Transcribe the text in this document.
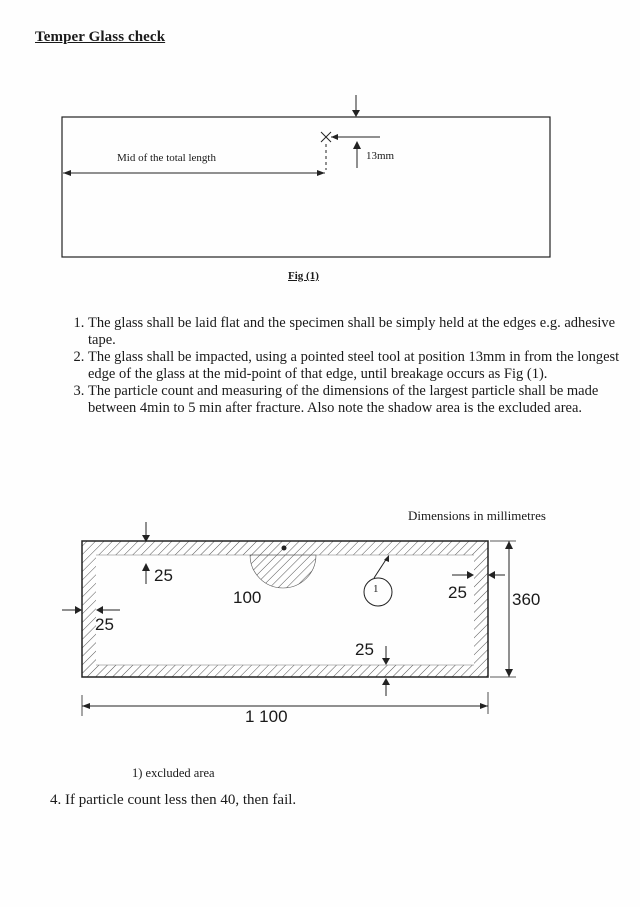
Temper Glass check
Mid of the total length	13mm
Fig (1)
1. The glass shall be laid flat and the specimen shall be simply held at the edges e.g. adhesive tape.
2. The glass shall be impacted, using a pointed steel tool at position 13mm in from the longest edge of the glass at the mid-point of that edge, until breakage occurs as Fig (1).
3. The particle count and measuring of the dimensions of the largest particle shall be made between 4min to 5 min after fracture. Also note the shadow area is the excluded area.
Dimensions in millimetres
25
25
25
25
100	1
360
1 100
1) excluded area
4. If particle count less then 40, then fail.
